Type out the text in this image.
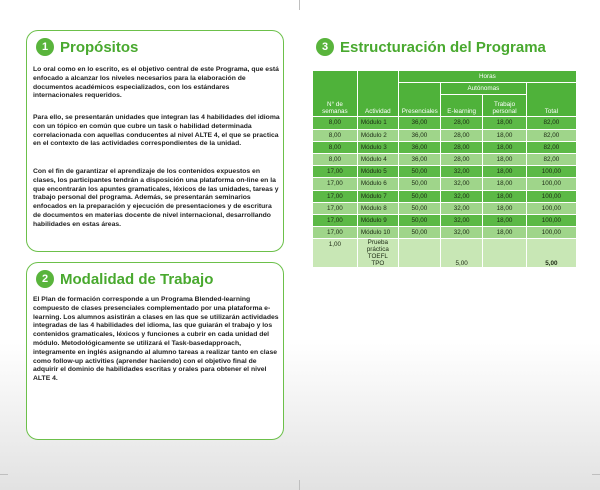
1 Propósitos

Lo oral como en lo escrito, es el objetivo central de este Programa, que está enfocado a alcanzar los niveles necesarios para la elaboración de documentos académicos especializados, con los estándares internacionales requeridos.

Para ello, se presentarán unidades que integran las 4 habilidades del idioma con un tópico en común que cubre un task o habilidad determinada correlacionada con aquellas conducentes al nivel ALTE 4, el que se practica en el contexto de las actividades correspondientes de la unidad.

Con el fin de garantizar el aprendizaje de los contenidos expuestos en clases, los participantes tendrán a disposición una plataforma on-line en la que encontrarán los apuntes gramaticales, léxicos de las unidades, tareas y trabajo personal del programa. Además, se presentarán seminarios enfocados en la preparación y ejecución de presentaciones y de escritura de documentos en materias docente de nivel internacional, desarrollando habilidades en estas áreas.

2 Modalidad de Trabajo

El Plan de formación corresponde a un Programa Blended-learning compuesto de clases presenciales complementado por una plataforma e-learning. Los alumnos asistirán a clases en las que se utilizarán actividades integradas de las 4 habilidades del idioma, las que guiarán el trabajo y los contenidos gramaticales, léxicos y funciones a cubrir en cada unidad del módulo. Metodológicamente se utilizará el Task-basedapproach, integramente en inglés asignando al alumno tareas a realizar tanto en clase como follow-up activities (aprender haciendo) con el objetivo final de adquirir el dominio de habilidades escritas y orales para obtener el nivel ALTE 4.

3 Estructuración del Programa
N° de semanas	Actividad	Horas			
		Presenciales	Autónomas		Total
			E-learning	Trabajo personal	
8,00	Módulo 1	36,00	28,00	18,00	82,00
8,00	Módulo 2	36,00	28,00	18,00	82,00
8,00	Módulo 3	36,00	28,00	18,00	82,00
8,00	Módulo 4	36,00	28,00	18,00	82,00
17,00	Módulo 5	50,00	32,00	18,00	100,00
17,00	Módulo 6	50,00	32,00	18,00	100,00
17,00	Módulo 7	50,00	32,00	18,00	100,00
17,00	Módulo 8	50,00	32,00	18,00	100,00
17,00	Módulo 9	50,00	32,00	18,00	100,00
17,00	Módulo 10	50,00	32,00	18,00	100,00
1,00	Prueba práctica TOEFL TPO		5,00		5,00
